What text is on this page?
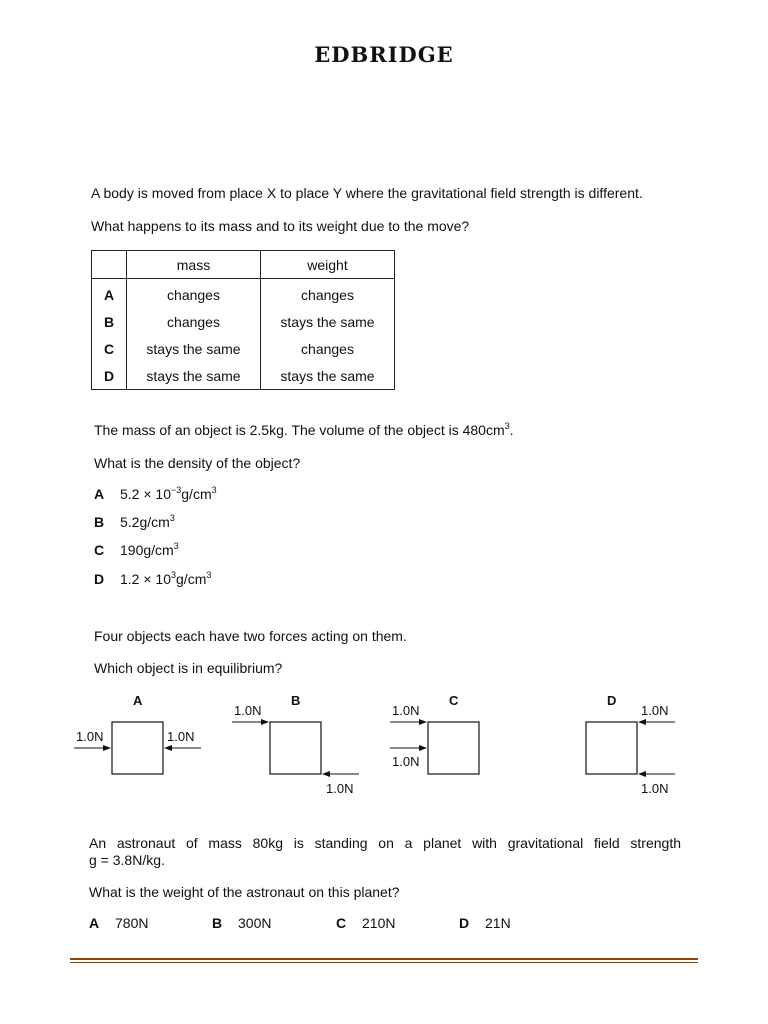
EDBRIDGE
A body is moved from place X to place Y where the gravitational field strength is different.
What happens to its mass and to its weight due to the move?
	mass	weight
A	changes	changes
B	changes	stays the same
C	stays the same	changes
D	stays the same	stays the same
The mass of an object is 2.5kg. The volume of the object is $480cm^3$.
What is the density of the object?
A $5.2 \times 10^{-3}g/cm^3$
B $5.2g/cm^3$
C $190g/cm^3$
D $1.2 \times 10^3g/cm^3$
Four objects each have two forces acting on them.
Which object is in equilibrium?
A
1.0N	1.0N
B
1.0N
1.0N
C
1.0N
1.0N
D
1.0N
1.0N
An astronaut of mass 80kg is standing on a planet with gravitational field strength
g = 3.8N/kg.
What is the weight of the astronaut on this planet?
A 780N	B 300N	C 210N	D 21N
